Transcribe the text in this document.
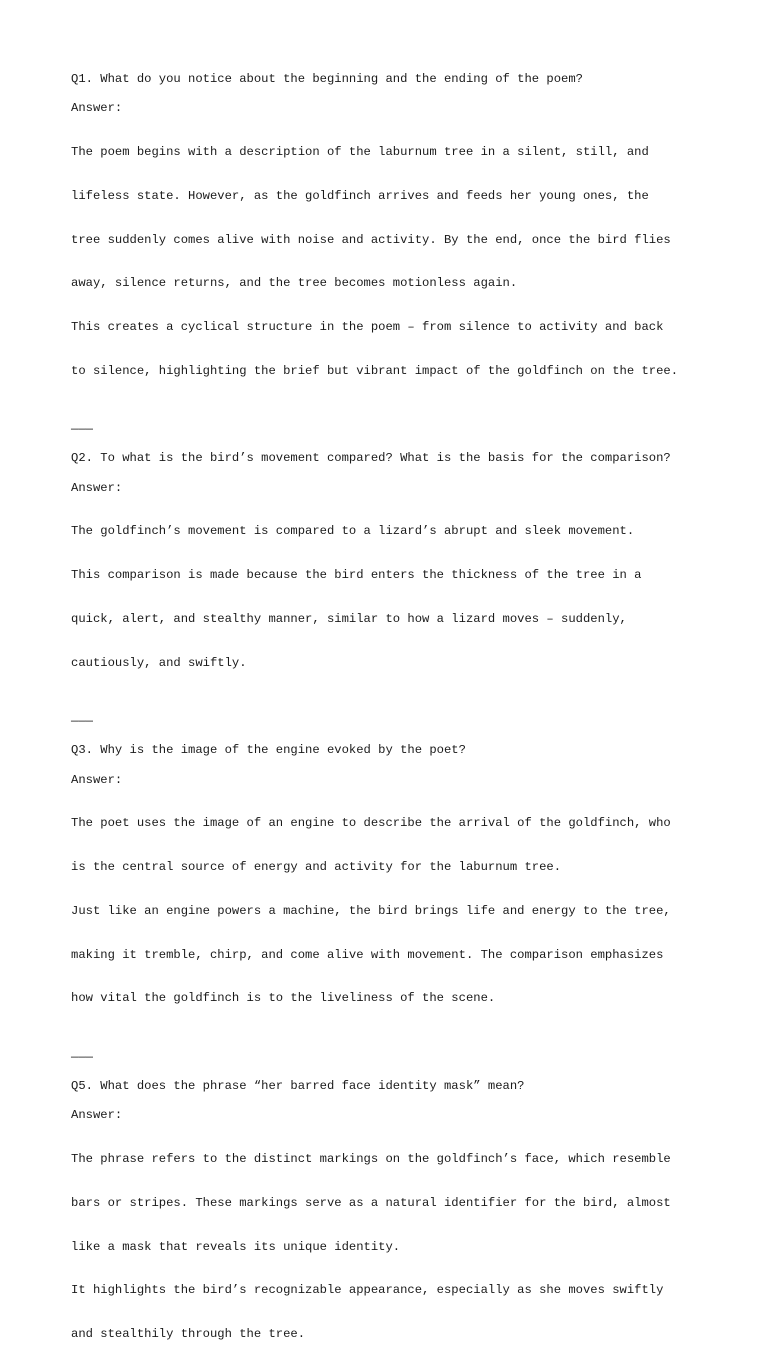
Q1. What do you notice about the beginning and the ending of the poem?
Answer:

The poem begins with a description of the laburnum tree in a silent, still, and

lifeless state. However, as the goldfinch arrives and feeds her young ones, the

tree suddenly comes alive with noise and activity. By the end, once the bird flies

away, silence returns, and the tree becomes motionless again.

This creates a cyclical structure in the poem – from silence to activity and back

to silence, highlighting the brief but vibrant impact of the goldfinch on the tree.

———
Q2. To what is the bird’s movement compared? What is the basis for the comparison?
Answer:

The goldfinch’s movement is compared to a lizard’s abrupt and sleek movement.

This comparison is made because the bird enters the thickness of the tree in a

quick, alert, and stealthy manner, similar to how a lizard moves – suddenly,

cautiously, and swiftly.

———
Q3. Why is the image of the engine evoked by the poet?
Answer:

The poet uses the image of an engine to describe the arrival of the goldfinch, who

is the central source of energy and activity for the laburnum tree.

Just like an engine powers a machine, the bird brings life and energy to the tree,

making it tremble, chirp, and come alive with movement. The comparison emphasizes

how vital the goldfinch is to the liveliness of the scene.

———
Q5. What does the phrase “her barred face identity mask” mean?
Answer:

The phrase refers to the distinct markings on the goldfinch’s face, which resemble

bars or stripes. These markings serve as a natural identifier for the bird, almost

like a mask that reveals its unique identity.

It highlights the bird’s recognizable appearance, especially as she moves swiftly

and stealthily through the tree.
